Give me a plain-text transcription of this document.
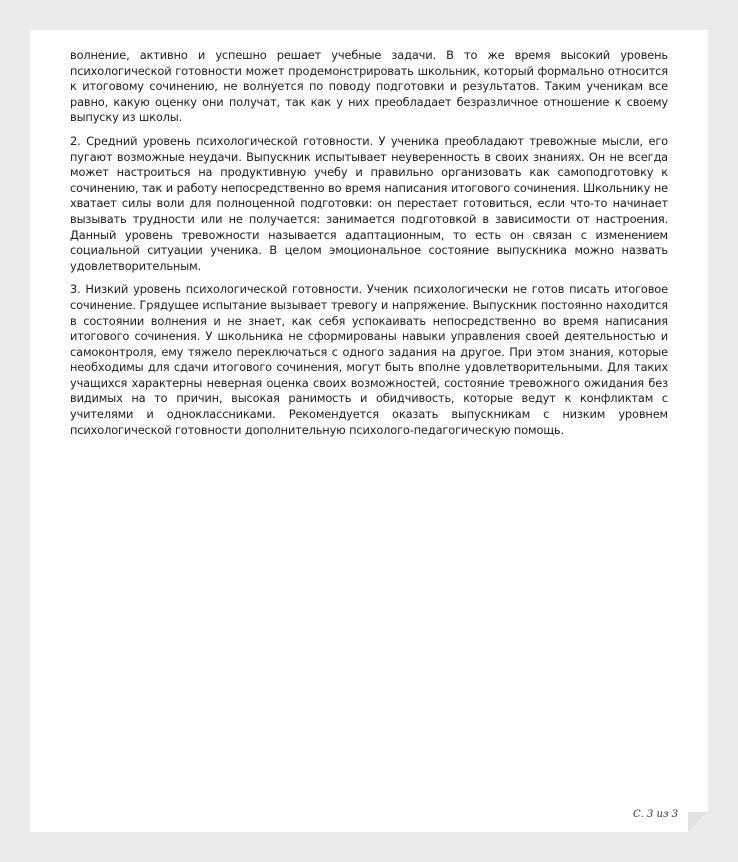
волнение, активно и успешно решает учебные задачи. В то же время высокий уровень психологической готовности может продемонстрировать школьник, который формально относится к итоговому сочинению, не волнуется по поводу подготовки и результатов. Таким ученикам все равно, какую оценку они получат, так как у них преобладает безразличное отношение к своему выпуску из школы.

2. Средний уровень психологической готовности. У ученика преобладают тревожные мысли, его пугают возможные неудачи. Выпускник испытывает неуверенность в своих знаниях. Он не всегда может настроиться на продуктивную учебу и правильно организовать как самоподготовку к сочинению, так и работу непосредственно во время написания итогового сочинения. Школьнику не хватает силы воли для полноценной подготовки: он перестает готовиться, если что-то начинает вызывать трудности или не получается: занимается подготовкой в зависимости от настроения. Данный уровень тревожности называется адаптационным, то есть он связан с изменением социальной ситуации ученика. В целом эмоциональное состояние выпускника можно назвать удовлетворительным.

3. Низкий уровень психологической готовности. Ученик психологически не готов писать итоговое сочинение. Грядущее испытание вызывает тревогу и напряжение. Выпускник постоянно находится в состоянии волнения и не знает, как себя успокаивать непосредственно во время написания итогового сочинения. У школьника не сформированы навыки управления своей деятельностью и самоконтроля, ему тяжело переключаться с одного задания на другое. При этом знания, которые необходимы для сдачи итогового сочинения, могут быть вполне удовлетворительными. Для таких учащихся характерны неверная оценка своих возможностей, состояние тревожного ожидания без видимых на то причин, высокая ранимость и обидчивость, которые ведут к конфликтам с учителями и одноклассниками. Рекомендуется оказать выпускникам с низким уровнем психологической готовности дополнительную психолого-педагогическую помощь.

С. 3 из 3
